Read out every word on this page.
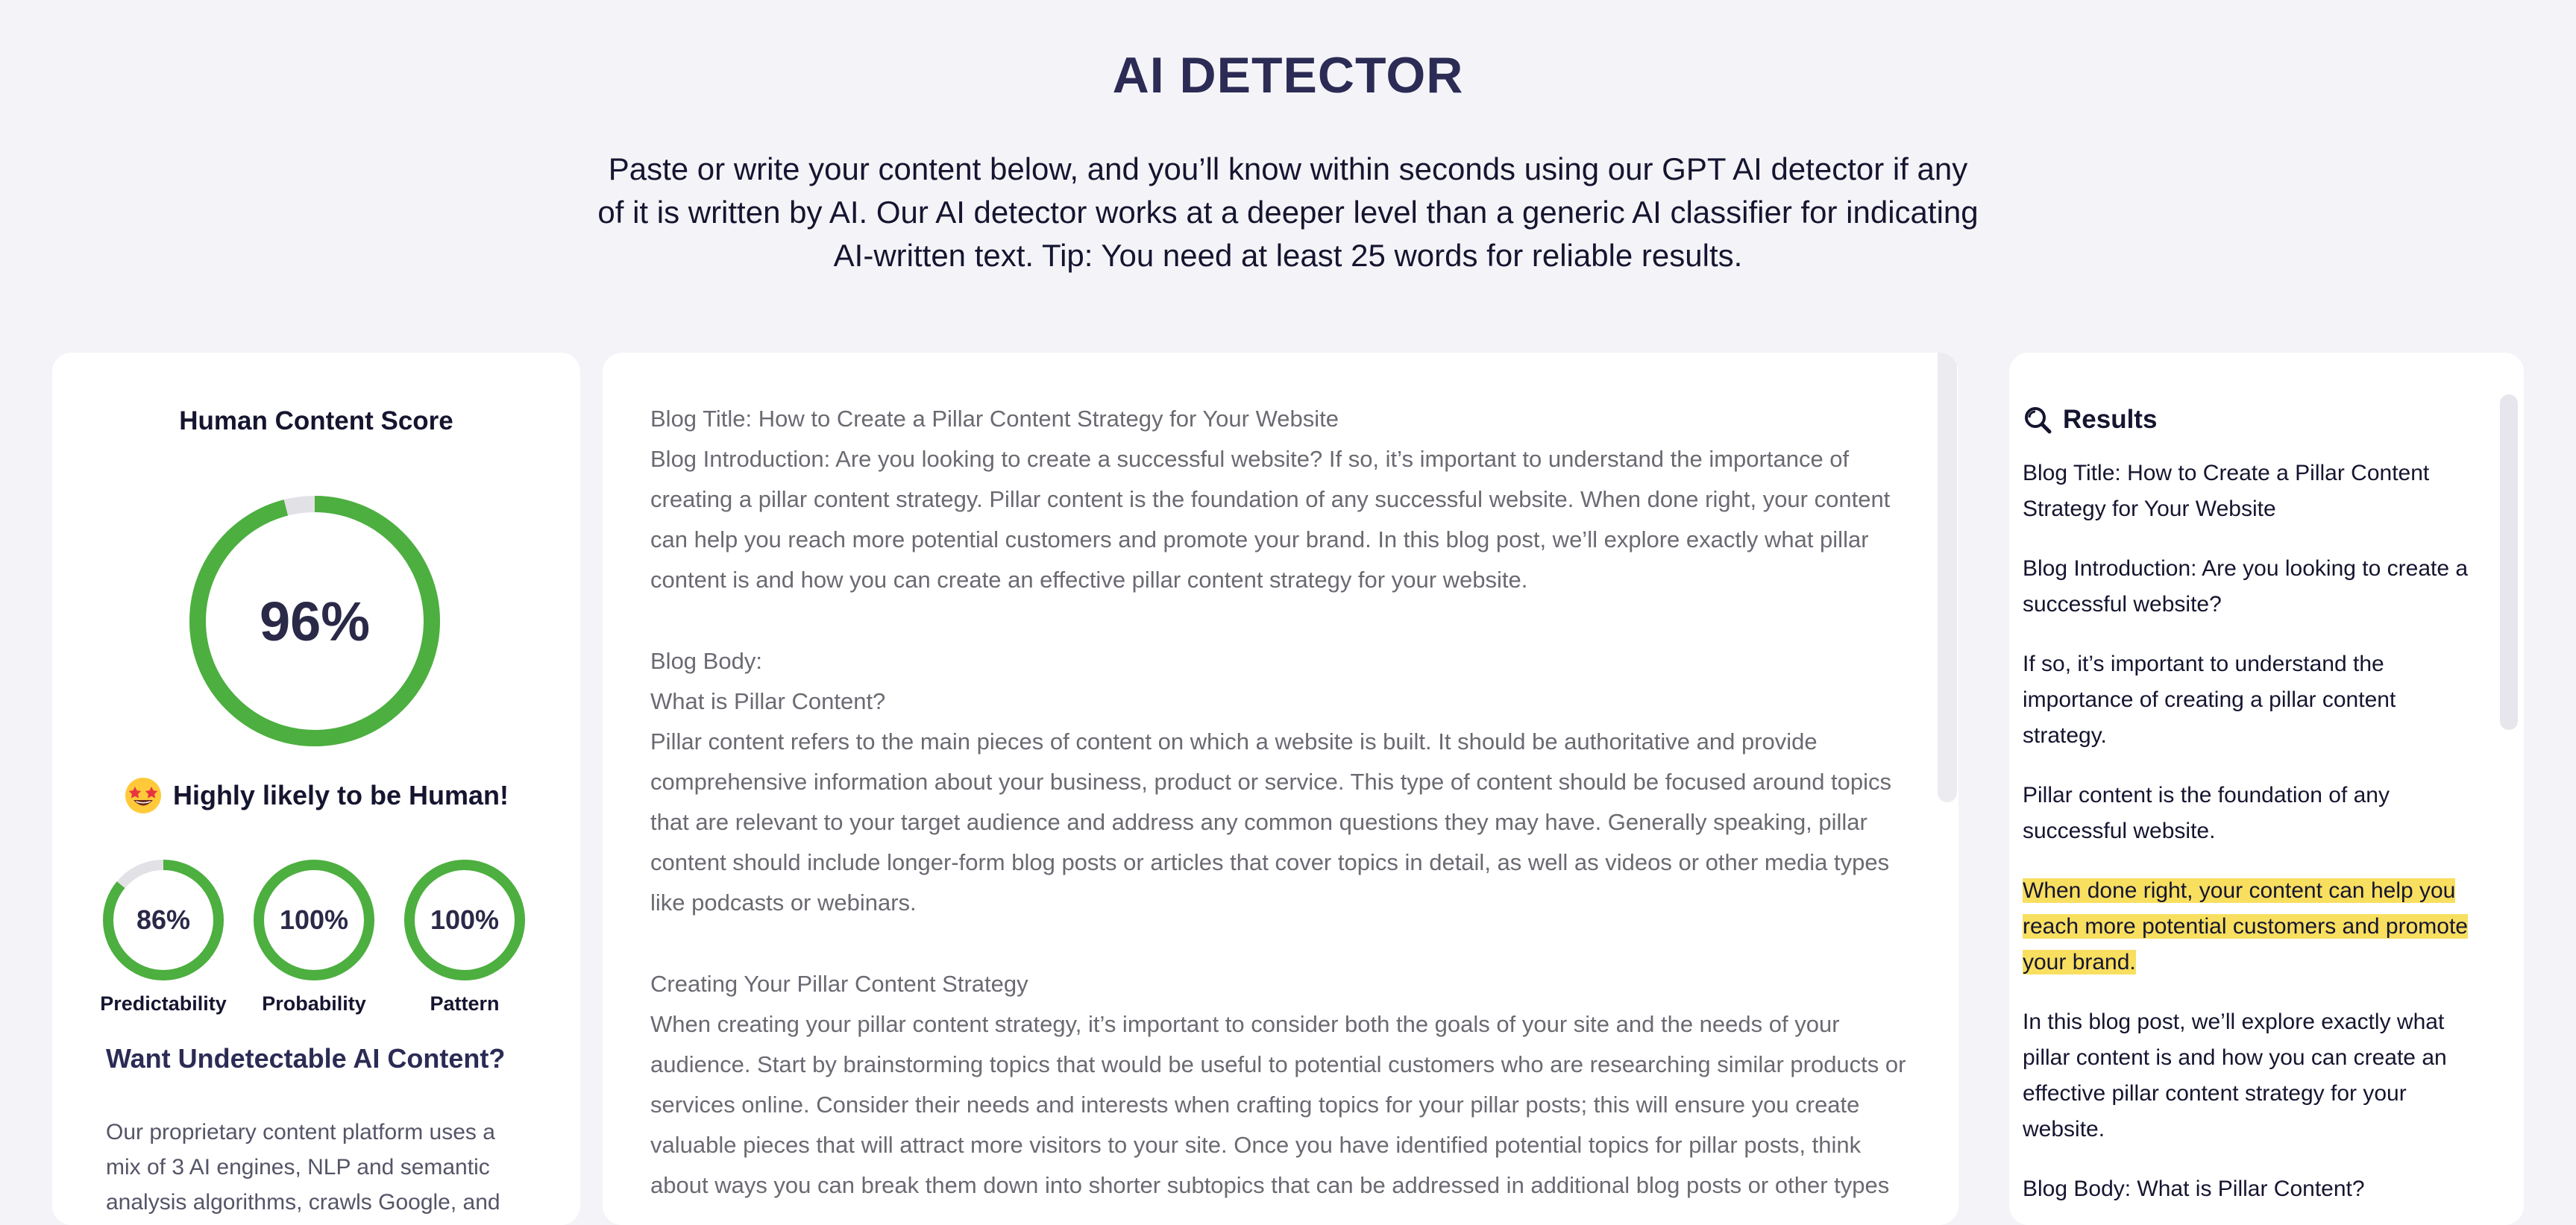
AI DETECTOR

Paste or write your content below, and you’ll know within seconds using our GPT AI detector if any of it is written by AI. Our AI detector works at a deeper level than a generic AI classifier for indicating AI-written text. Tip: You need at least 25 words for reliable results.

Human Content Score
96%
Highly likely to be Human!
86%
Predictability
100%
Probability
100%
Pattern
Want Undetectable AI Content?
Our proprietary content platform uses a mix of 3 AI engines, NLP and semantic analysis algorithms, crawls Google, and

Blog Title: How to Create a Pillar Content Strategy for Your Website
Blog Introduction: Are you looking to create a successful website? If so, it’s important to understand the importance of
creating a pillar content strategy. Pillar content is the foundation of any successful website. When done right, your content
can help you reach more potential customers and promote your brand. In this blog post, we’ll explore exactly what pillar
content is and how you can create an effective pillar content strategy for your website.

Blog Body:
What is Pillar Content?
Pillar content refers to the main pieces of content on which a website is built. It should be authoritative and provide
comprehensive information about your business, product or service. This type of content should be focused around topics
that are relevant to your target audience and address any common questions they may have. Generally speaking, pillar
content should include longer-form blog posts or articles that cover topics in detail, as well as videos or other media types
like podcasts or webinars.

Creating Your Pillar Content Strategy
When creating your pillar content strategy, it’s important to consider both the goals of your site and the needs of your
audience. Start by brainstorming topics that would be useful to potential customers who are researching similar products or
services online. Consider their needs and interests when crafting topics for your pillar posts; this will ensure you create
valuable pieces that will attract more visitors to your site. Once you have identified potential topics for pillar posts, think
about ways you can break them down into shorter subtopics that can be addressed in additional blog posts or other types

Results
Blog Title: How to Create a Pillar Content Strategy for Your Website
Blog Introduction: Are you looking to create a successful website?
If so, it’s important to understand the importance of creating a pillar content strategy.
Pillar content is the foundation of any successful website.
When done right, your content can help you reach more potential customers and promote your brand.
In this blog post, we’ll explore exactly what pillar content is and how you can create an effective pillar content strategy for your website.
Blog Body: What is Pillar Content?
